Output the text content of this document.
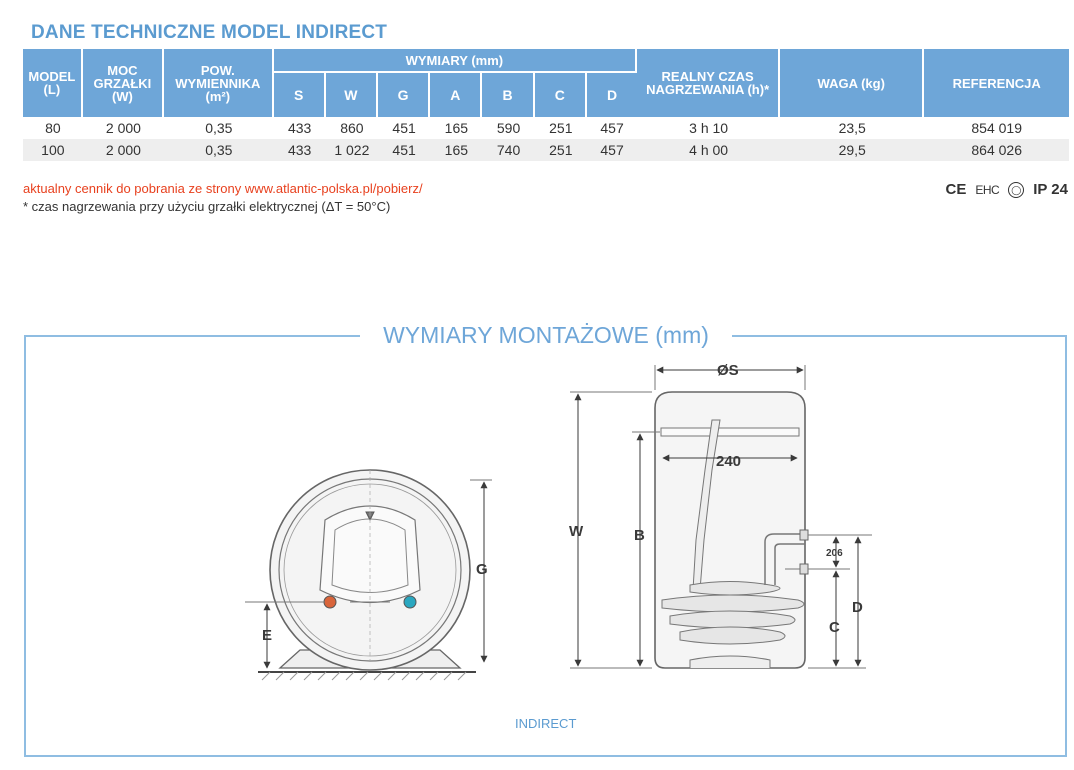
DANE TECHNICZNE MODEL INDIRECT
MODEL (L)	MOC GRZAŁKI (W)	POW. WYMIENNIKA (m²)	WYMIARY (mm)							REALNY CZAS NAGRZEWANIA (h)*	WAGA (kg)	REFERENCJA
			S	W	G	A	B	C	D			
80	2 000	0,35	433	860	451	165	590	251	457	3 h 10	23,5	854 019
100	2 000	0,35	433	1 022	451	165	740	251	457	4 h 00	29,5	864 026
aktualny cennik do pobrania ze strony www.atlantic-polska.pl/pobierz/
* czas nagrzewania przy użyciu grzałki elektrycznej (ΔT = 50°C)
CE EHC	◯ IP 24
WYMIARY MONTAŻOWE (mm)
G
E
ØS
240
W	B
206
C
D
INDIRECT
